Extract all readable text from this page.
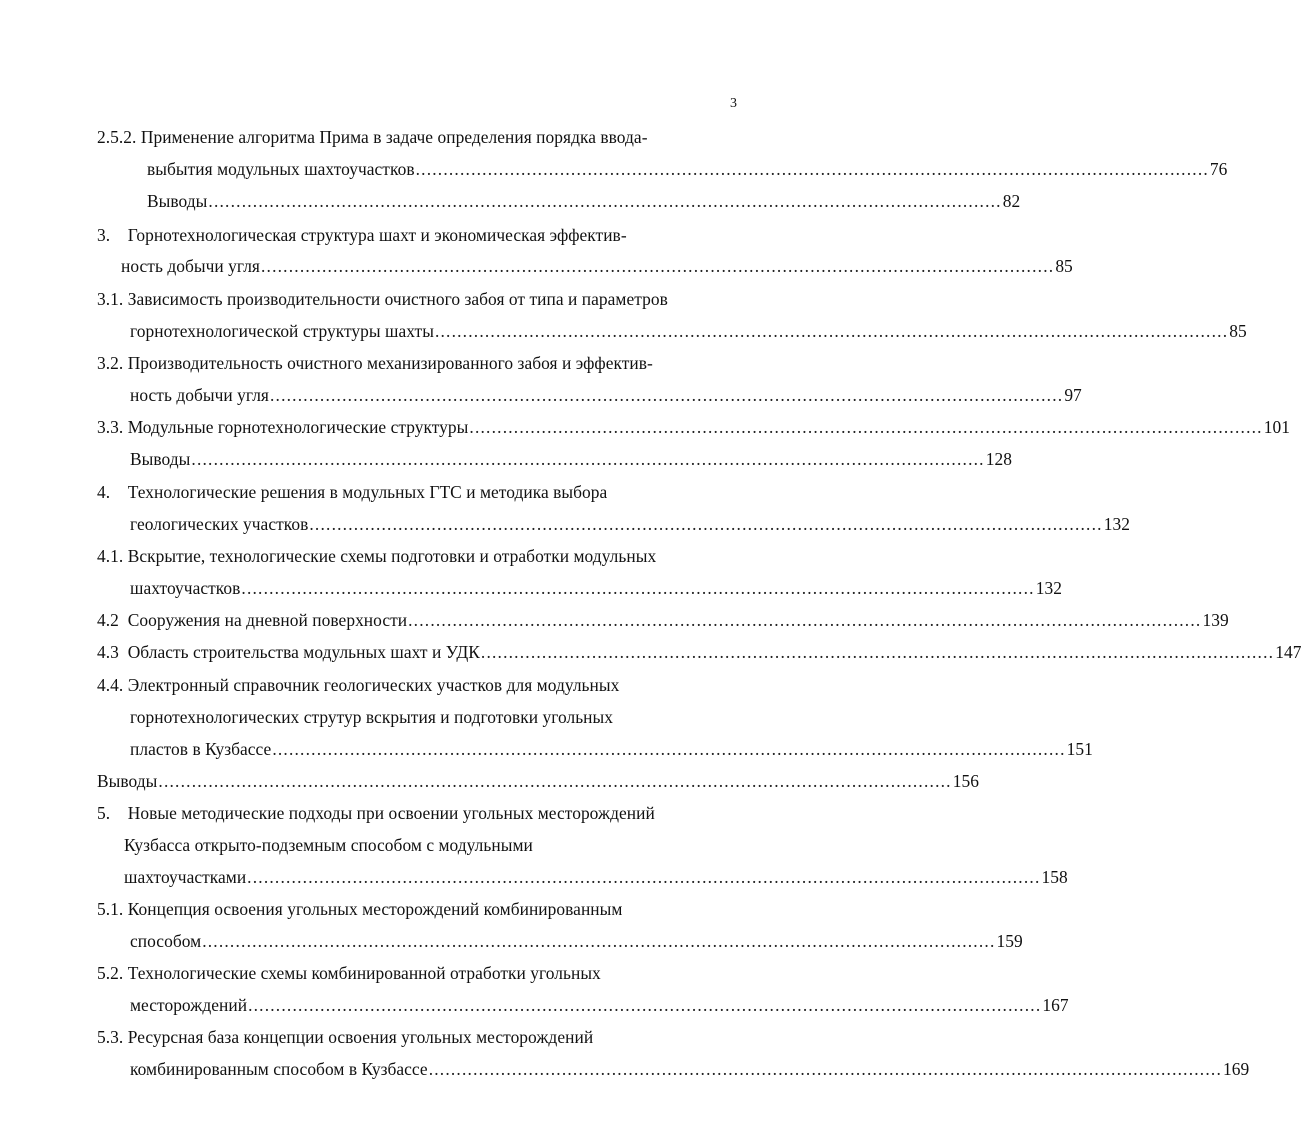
3
2.5.2. Применение алгоритма Прима в задаче определения порядка ввода-
выбытия модульных шахтоучастков ............................................................................................................................................... 76
Выводы ............................................................................................................................................... 82
3. Горнотехнологическая структура шахт и экономическая эффектив-
ность добычи угля ............................................................................................................................................... 85
3.1. Зависимость производительности очистного забоя от типа и параметров
горнотехнологической структуры шахты ............................................................................................................................................... 85
3.2. Производительность очистного механизированного забоя и эффектив-
ность добычи угля ............................................................................................................................................... 97
3.3. Модульные горнотехнологические структуры ............................................................................................................................................... 101
Выводы ............................................................................................................................................... 128
4. Технологические решения в модульных ГТС и методика выбора
геологических участков ............................................................................................................................................... 132
4.1. Вскрытие, технологические схемы подготовки и отработки модульных
шахтоучастков ............................................................................................................................................... 132
4.2 Сооружения на дневной поверхности ............................................................................................................................................... 139
4.3 Область строительства модульных шахт и УДК ............................................................................................................................................... 147
4.4. Электронный справочник геологических участков для модульных
горнотехнологических струтур вскрытия и подготовки угольных
пластов в Кузбассе ............................................................................................................................................... 151
Выводы ............................................................................................................................................... 156
5. Новые методические подходы при освоении угольных месторождений
Кузбасса открыто-подземным способом с модульными
шахтоучастками ............................................................................................................................................... 158
5.1. Концепция освоения угольных месторождений комбинированным
способом ............................................................................................................................................... 159
5.2. Технологические схемы комбинированной отработки угольных
месторождений ............................................................................................................................................... 167
5.3. Ресурсная база концепции освоения угольных месторождений
комбинированным способом в Кузбассе ............................................................................................................................................... 169
